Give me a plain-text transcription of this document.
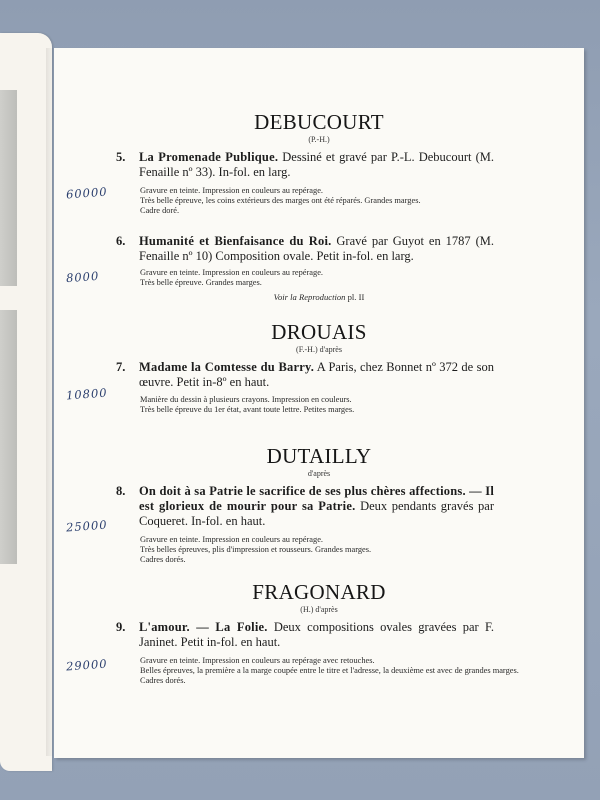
DEBUCOURT
(P.-H.)
5. La Promenade Publique. Dessiné et gravé par P.-L. Debucourt (M. Fenaille nº 33). In-fol. en larg.
Gravure en teinte. Impression en couleurs au repérage.
Très belle épreuve, les coins extérieurs des marges ont été réparés. Grandes marges.
Cadre doré.
60000
6. Humanité et Bienfaisance du Roi. Gravé par Guyot en 1787 (M. Fenaille nº 10) Composition ovale. Petit in-fol. en larg.
Gravure en teinte. Impression en couleurs au repérage.
Très belle épreuve. Grandes marges.
Voir la Reproduction pl. II
8000
DROUAIS
(F.-H.) d'après
7. Madame la Comtesse du Barry. A Paris, chez Bonnet nº 372 de son œuvre. Petit in-8º en haut.
Manière du dessin à plusieurs crayons. Impression en couleurs.
Très belle épreuve du 1er état, avant toute lettre. Petites marges.
10800
DUTAILLY
d'après
8. On doit à sa Patrie le sacrifice de ses plus chères affections. — Il est glorieux de mourir pour sa Patrie. Deux pendants gravés par Coqueret. In-fol. en haut.
Gravure en teinte. Impression en couleurs au repérage.
Très belles épreuves, plis d'impression et rousseurs. Grandes marges.
Cadres dorés.
25000
FRAGONARD
(H.) d'après
9. L'amour. — La Folie. Deux compositions ovales gravées par F. Janinet. Petit in-fol. en haut.
Gravure en teinte. Impression en couleurs au repérage avec retouches.
Belles épreuves, la première a la marge coupée entre le titre et l'adresse, la deuxième est avec de grandes marges.
Cadres dorés.
29000
